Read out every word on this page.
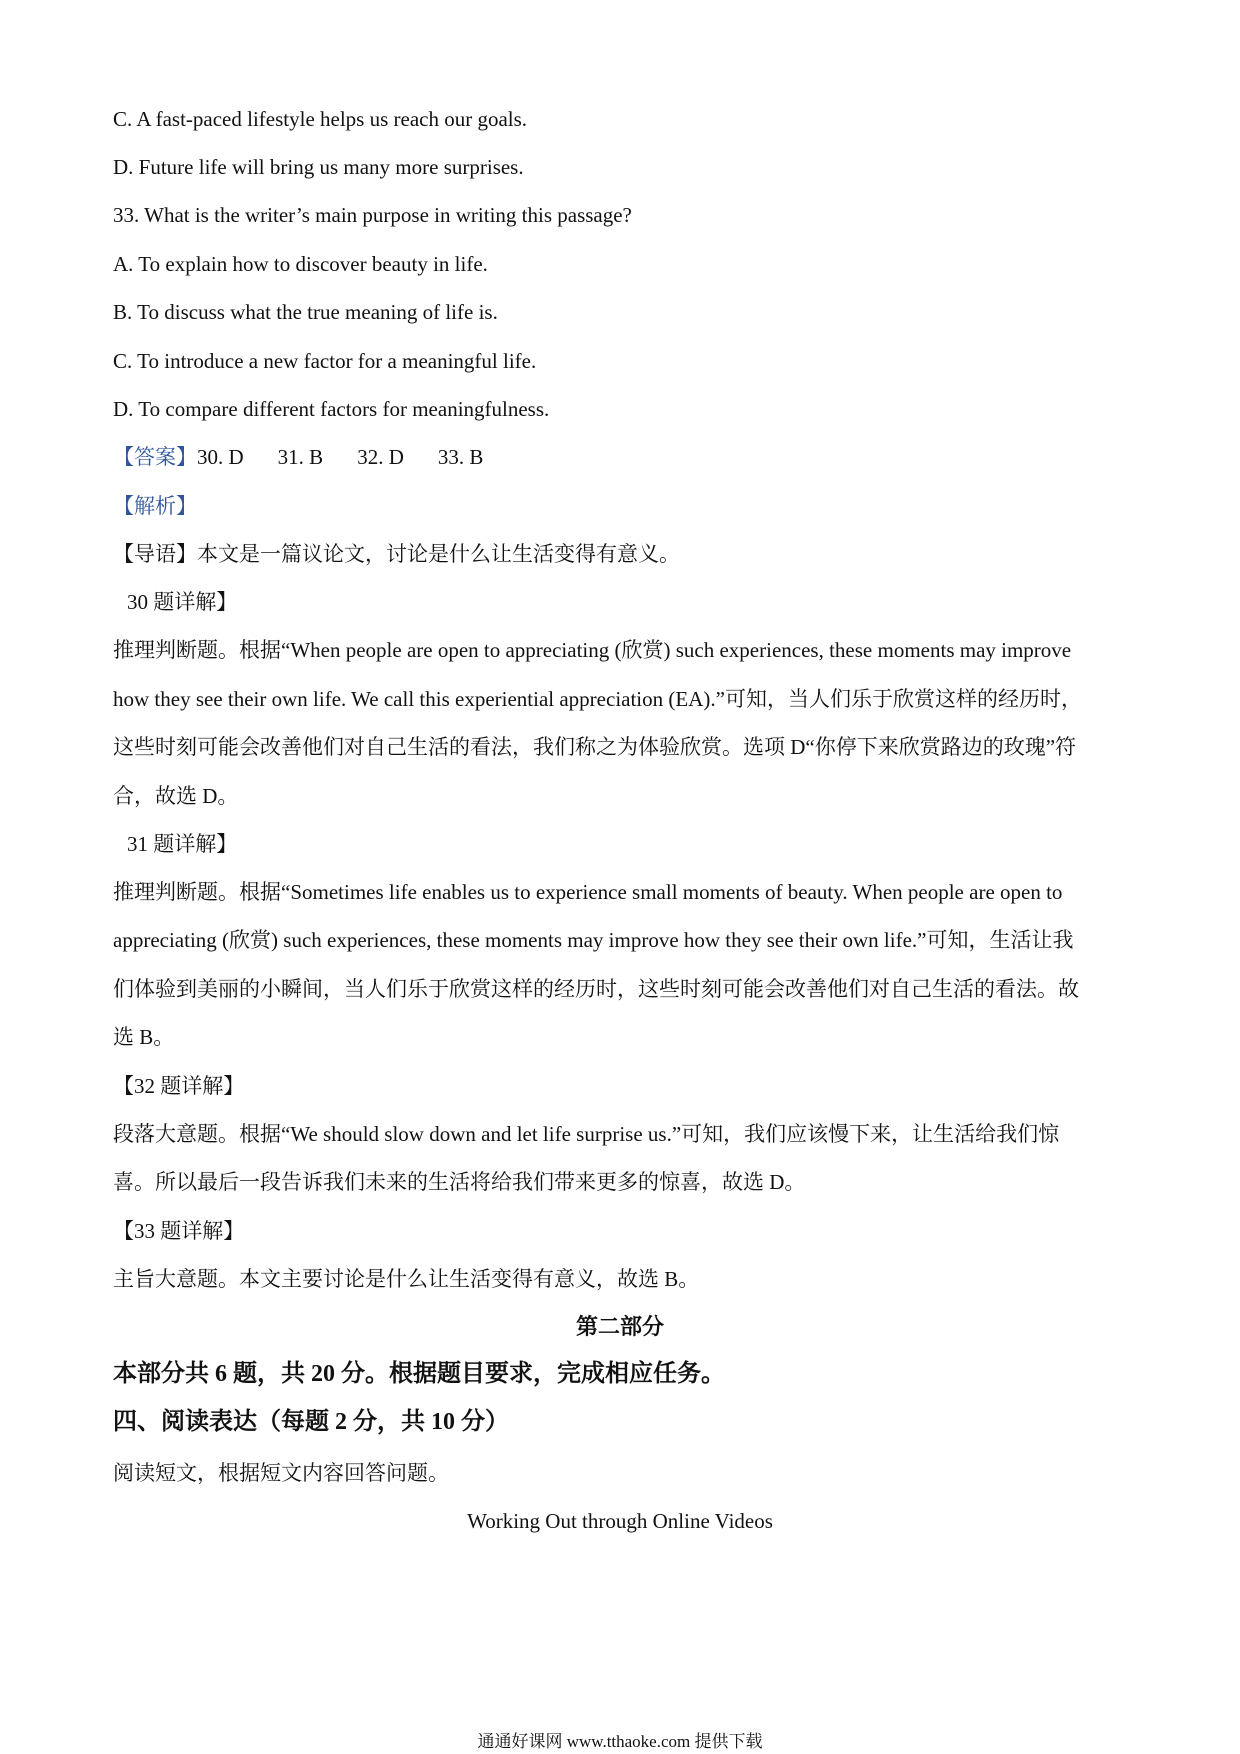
C. A fast-paced lifestyle helps us reach our goals.
D. Future life will bring us many more surprises.
33. What is the writer’s main purpose in writing this passage?
A. To explain how to discover beauty in life.
B. To discuss what the true meaning of life is.
C. To introduce a new factor for a meaningful life.
D. To compare different factors for meaningfulness.
【答案】30. D 31. B 32. D 33. B
【解析】
【导语】本文是一篇议论文，讨论是什么让生活变得有意义。
30 题详解】
推理判断题。根据“When people are open to appreciating (欣赏) such experiences, these moments may improve
how they see their own life. We call this experiential appreciation (EA).”可知，当人们乐于欣赏这样的经历时，
这些时刻可能会改善他们对自己生活的看法，我们称之为体验欣赏。选项 D“你停下来欣赏路边的玫瑰”符
合，故选 D。
31 题详解】
推理判断题。根据“Sometimes life enables us to experience small moments of beauty. When people are open to
appreciating (欣赏) such experiences, these moments may improve how they see their own life.”可知，生活让我
们体验到美丽的小瞬间，当人们乐于欣赏这样的经历时，这些时刻可能会改善他们对自己生活的看法。故
选 B。
【32 题详解】
段落大意题。根据“We should slow down and let life surprise us.”可知，我们应该慢下来，让生活给我们惊
喜。所以最后一段告诉我们未来的生活将给我们带来更多的惊喜，故选 D。
【33 题详解】
主旨大意题。本文主要讨论是什么让生活变得有意义，故选 B。
第二部分
本部分共 6 题，共 20 分。根据题目要求，完成相应任务。
四、阅读表达（每题 2 分，共 10 分）
阅读短文，根据短文内容回答问题。
Working Out through Online Videos
通通好课网 www.tthaoke.com 提供下载
